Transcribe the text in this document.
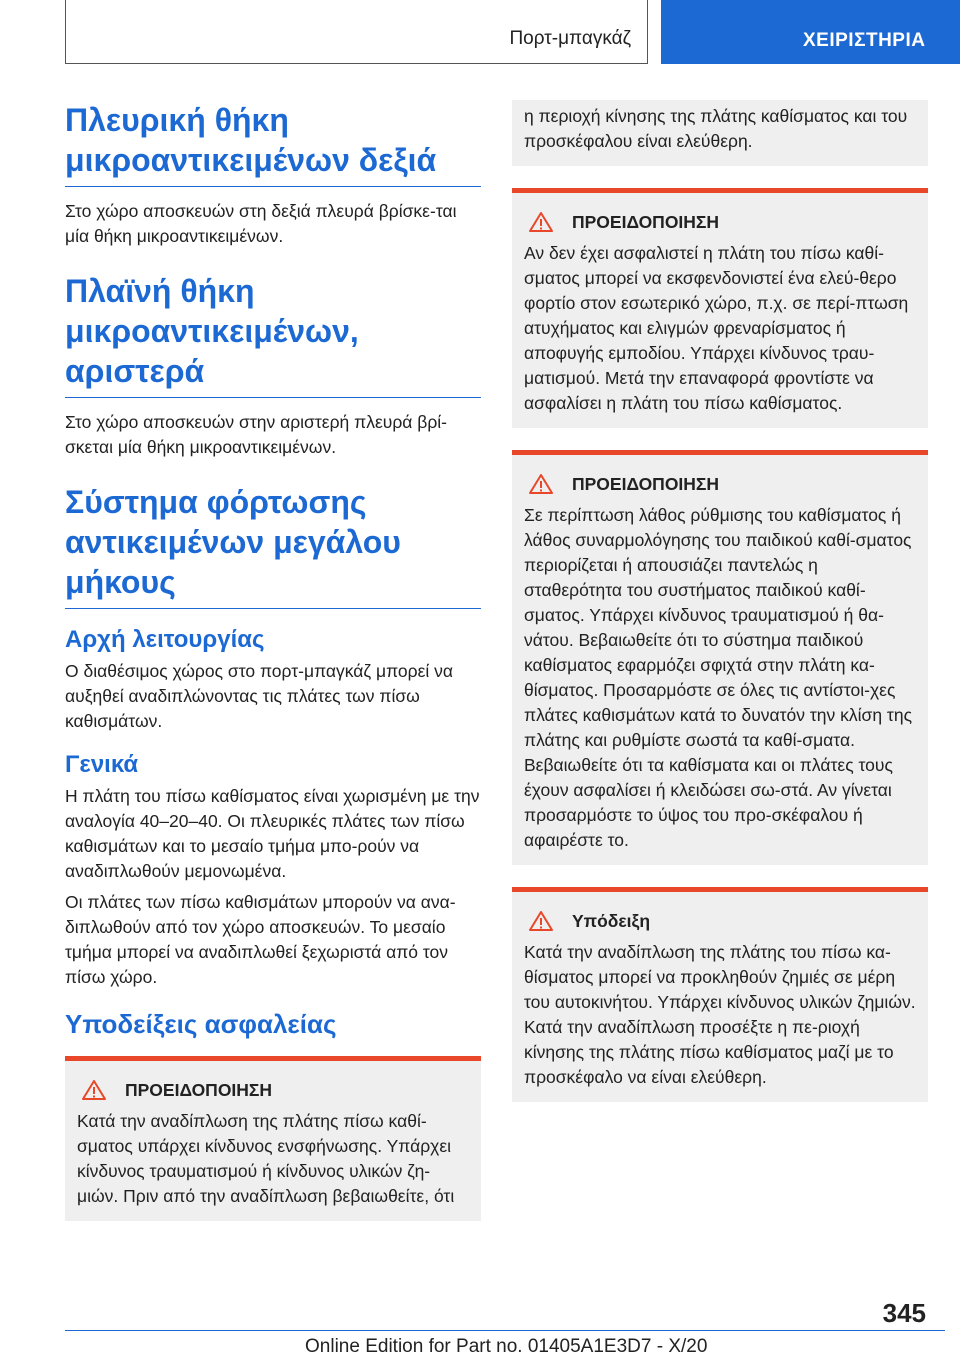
Πορτ-μπαγκάζ	ΧΕΙΡΙΣΤΗΡΙΑ
Πλευρική θήκη μικροαντικειμένων δεξιά

Στο χώρο αποσκευών στη δεξιά πλευρά βρίσκε-ται μία θήκη μικροαντικειμένων.

Πλαϊνή θήκη μικροαντικειμένων, αριστερά

Στο χώρο αποσκευών στην αριστερή πλευρά βρί-σκεται μία θήκη μικροαντικειμένων.

Σύστημα φόρτωσης αντικειμένων μεγάλου μήκους
Αρχή λειτουργίας

Ο διαθέσιμος χώρος στο πορτ-μπαγκάζ μπορεί να αυξηθεί αναδιπλώνοντας τις πλάτες των πίσω καθισμάτων.

Γενικά

Η πλάτη του πίσω καθίσματος είναι χωρισμένη με την αναλογία 40–20–40. Οι πλευρικές πλάτες των πίσω καθισμάτων και το μεσαίο τμήμα μπο-ρούν να αναδιπλωθούν μεμονωμένα.

Οι πλάτες των πίσω καθισμάτων μπορούν να ανα-διπλωθούν από τον χώρο αποσκευών. Το μεσαίο τμήμα μπορεί να αναδιπλωθεί ξεχωριστά από τον πίσω χώρο.

Υποδείξεις ασφαλείας
ΠΡΟΕΙΔΟΠΟΙΗΣΗ

Κατά την αναδίπλωση της πλάτης πίσω καθί-σματος υπάρχει κίνδυνος ενσφήνωσης. Υπάρχει κίνδυνος τραυματισμού ή κίνδυνος υλικών ζη-μιών. Πριν από την αναδίπλωση βεβαιωθείτε, ότι

η περιοχή κίνησης της πλάτης καθίσματος και του προσκέφαλου είναι ελεύθερη.

ΠΡΟΕΙΔΟΠΟΙΗΣΗ

Αν δεν έχει ασφαλιστεί η πλάτη του πίσω καθί-σματος μπορεί να εκσφενδονιστεί ένα ελεύ-θερο φορτίο στον εσωτερικό χώρο, π.χ. σε περί-πτωση ατυχήματος και ελιγμών φρεναρίσματος ή αποφυγής εμποδίου. Υπάρχει κίνδυνος τραυ-ματισμού. Μετά την επαναφορά φροντίστε να ασφαλίσει η πλάτη του πίσω καθίσματος.

ΠΡΟΕΙΔΟΠΟΙΗΣΗ

Σε περίπτωση λάθος ρύθμισης του καθίσματος ή λάθος συναρμολόγησης του παιδικού καθί-σματος περιορίζεται ή απουσιάζει παντελώς η σταθερότητα του συστήματος παιδικού καθί-σματος. Υπάρχει κίνδυνος τραυματισμού ή θα-νάτου. Βεβαιωθείτε ότι το σύστημα παιδικού καθίσματος εφαρμόζει σφιχτά στην πλάτη κα-θίσματος. Προσαρμόστε σε όλες τις αντίστοι-χες πλάτες καθισμάτων κατά το δυνατόν την κλίση της πλάτης και ρυθμίστε σωστά τα καθί-σματα. Βεβαιωθείτε ότι τα καθίσματα και οι πλάτες τους έχουν ασφαλίσει ή κλειδώσει σω-στά. Αν γίνεται προσαρμόστε το ύψος του προ-σκέφαλου ή αφαιρέστε το.

Υπόδειξη

Κατά την αναδίπλωση της πλάτης του πίσω κα-θίσματος μπορεί να προκληθούν ζημιές σε μέρη του αυτοκινήτου. Υπάρχει κίνδυνος υλικών ζημιών. Κατά την αναδίπλωση προσέξτε η πε-ριοχή κίνησης της πλάτης πίσω καθίσματος μαζί με το προσκέφαλο να είναι ελεύθερη.

345
Online Edition for Part no. 01405A1E3D7 - X/20
